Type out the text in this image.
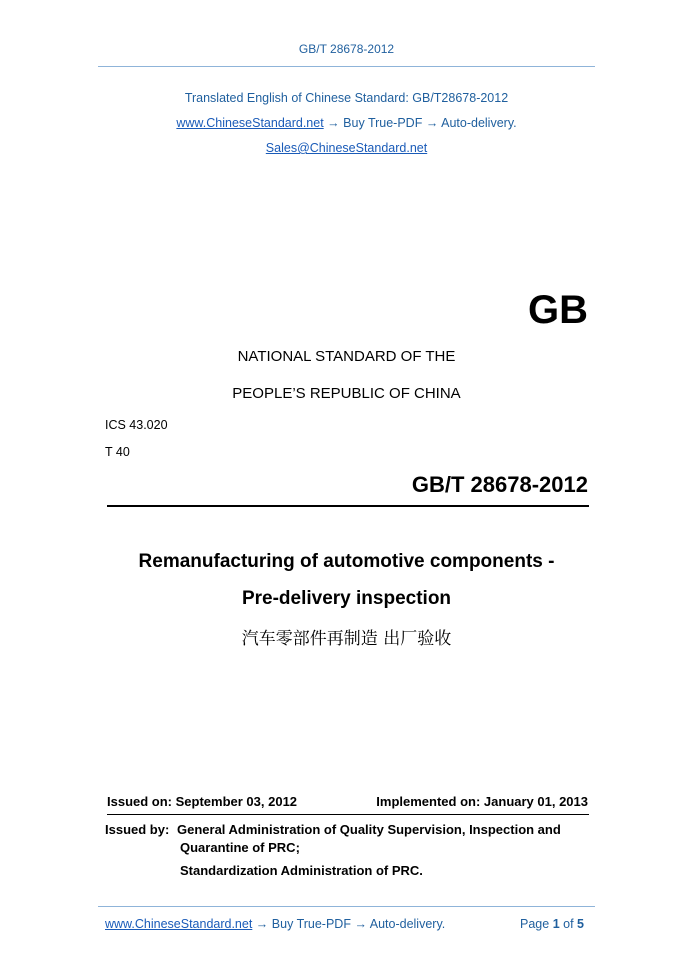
GB/T 28678-2012
Translated English of Chinese Standard: GB/T28678-2012
www.ChineseStandard.net → Buy True-PDF → Auto-delivery.
Sales@ChineseStandard.net
GB
NATIONAL STANDARD OF THE
PEOPLE’S REPUBLIC OF CHINA
ICS 43.020
T 40
GB/T 28678-2012
Remanufacturing of automotive components -
Pre-delivery inspection
汽车零部件再制造 出厂验收
Issued on: September 03, 2012	Implemented on: January 01, 2013
Issued by: General Administration of Quality Supervision, Inspection and
Quarantine of PRC;
Standardization Administration of PRC.
www.ChineseStandard.net → Buy True-PDF → Auto-delivery.	Page 1 of 5
